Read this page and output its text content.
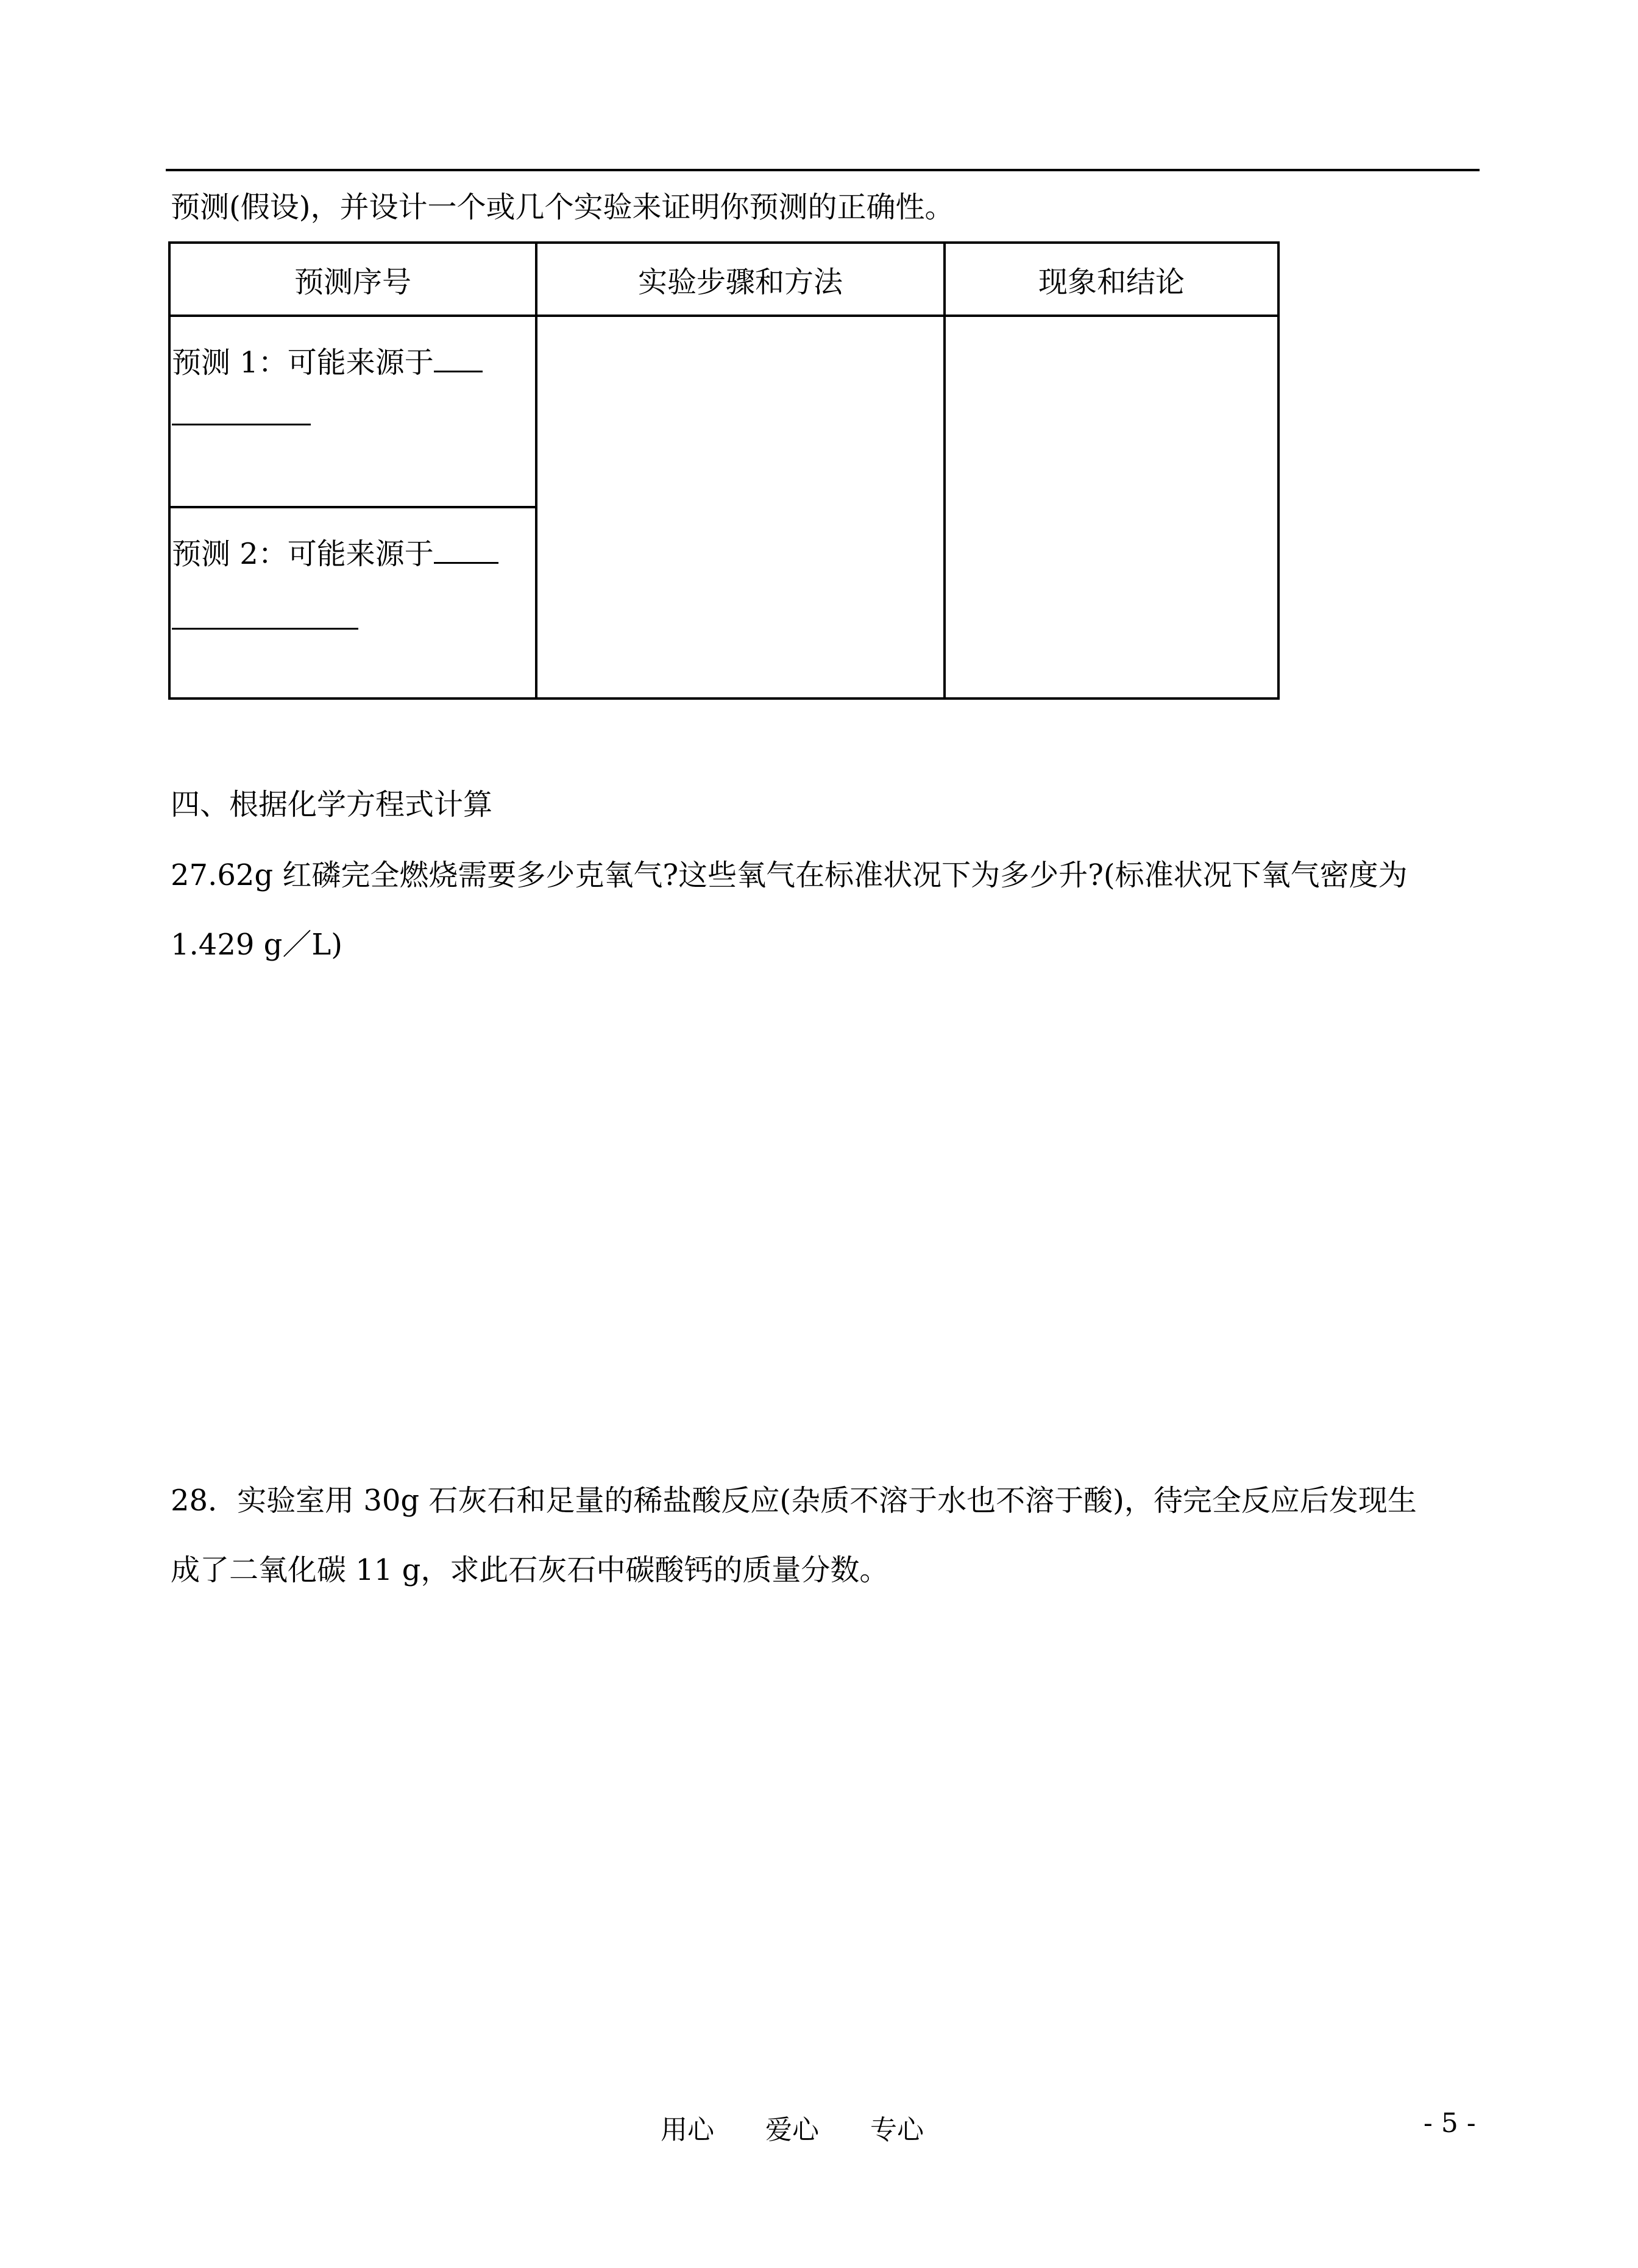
预测(假设)，并设计一个或几个实验来证明你预测的正确性。
预测序号	实验步骤和方法	现象和结论

预测 1：可能来源于		

预测 2：可能来源于		
四、根据化学方程式计算
27.62g 红磷完全燃烧需要多少克氧气?这些氧气在标准状况下为多少升?(标准状况下氧气密度为
1.429 g／L)
28．实验室用 30g 石灰石和足量的稀盐酸反应(杂质不溶于水也不溶于酸)，待完全反应后发现生
成了二氧化碳 11 g，求此石灰石中碳酸钙的质量分数。
用心 爱心 专心	- 5 -
